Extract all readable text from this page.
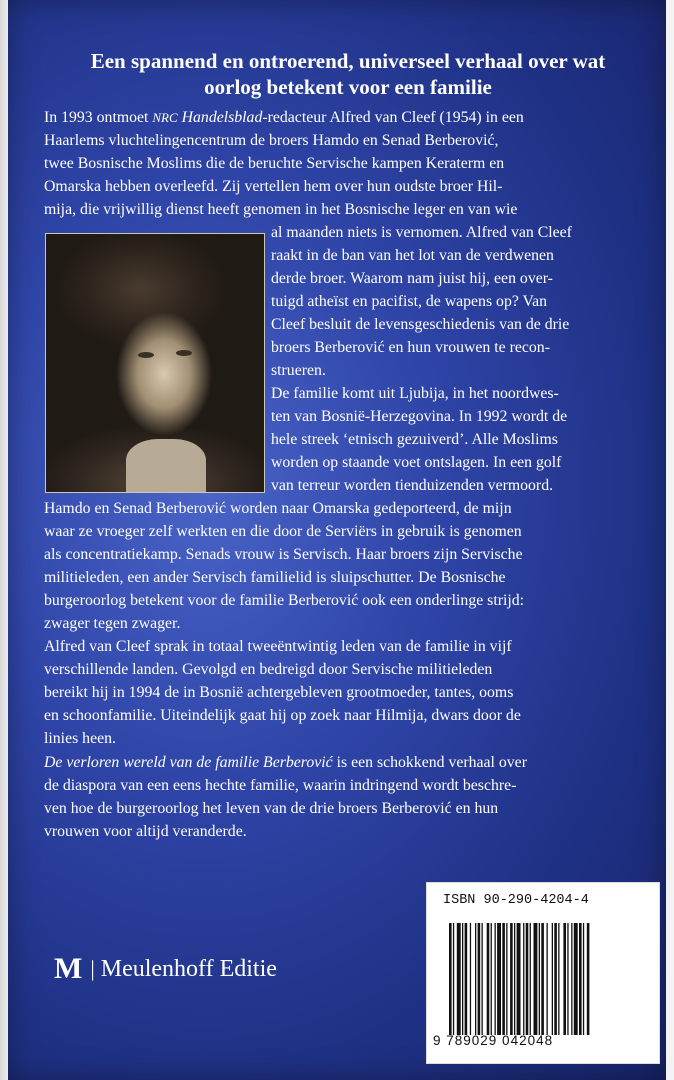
Een spannend en ontroerend, universeel verhaal over wat
oorlog betekent voor een familie

In 1993 ontmoet NRC Handelsblad-redacteur Alfred van Cleef (1954) in een

Haarlems vluchtelingencentrum de broers Hamdo en Senad Berberović,

twee Bosnische Moslims die de beruchte Servische kampen Keraterm en

Omarska hebben overleefd. Zij vertellen hem over hun oudste broer Hil-

mija, die vrijwillig dienst heeft genomen in het Bosnische leger en van wie

al maanden niets is vernomen. Alfred van Cleef

raakt in de ban van het lot van de verdwenen

derde broer. Waarom nam juist hij, een over-

tuigd atheïst en pacifist, de wapens op? Van

Cleef besluit de levensgeschiedenis van de drie

broers Berberović en hun vrouwen te recon-

strueren.

De familie komt uit Ljubija, in het noordwes-

ten van Bosnië-Herzegovina. In 1992 wordt de

hele streek ‘etnisch gezuiverd’. Alle Moslims

worden op staande voet ontslagen. In een golf

van terreur worden tienduizenden vermoord.

Hamdo en Senad Berberović worden naar Omarska gedeporteerd, de mijn

waar ze vroeger zelf werkten en die door de Serviërs in gebruik is genomen

als concentratiekamp. Senads vrouw is Servisch. Haar broers zijn Servische

militieleden, een ander Servisch familielid is sluipschutter. De Bosnische

burgeroorlog betekent voor de familie Berberović ook een onderlinge strijd:

zwager tegen zwager.

Alfred van Cleef sprak in totaal tweeëntwintig leden van de familie in vijf

verschillende landen. Gevolgd en bedreigd door Servische militieleden

bereikt hij in 1994 de in Bosnië achtergebleven grootmoeder, tantes, ooms

en schoonfamilie. Uiteindelijk gaat hij op zoek naar Hilmija, dwars door de

linies heen.

De verloren wereld van de familie Berberović is een schokkend verhaal over

de diaspora van een eens hechte familie, waarin indringend wordt beschre-

ven hoe de burgeroorlog het leven van de drie broers Berberović en hun

vrouwen voor altijd veranderde.

M | Meulenhoff Editie
ISBN 90-290-4204-4
9 789029 042048
